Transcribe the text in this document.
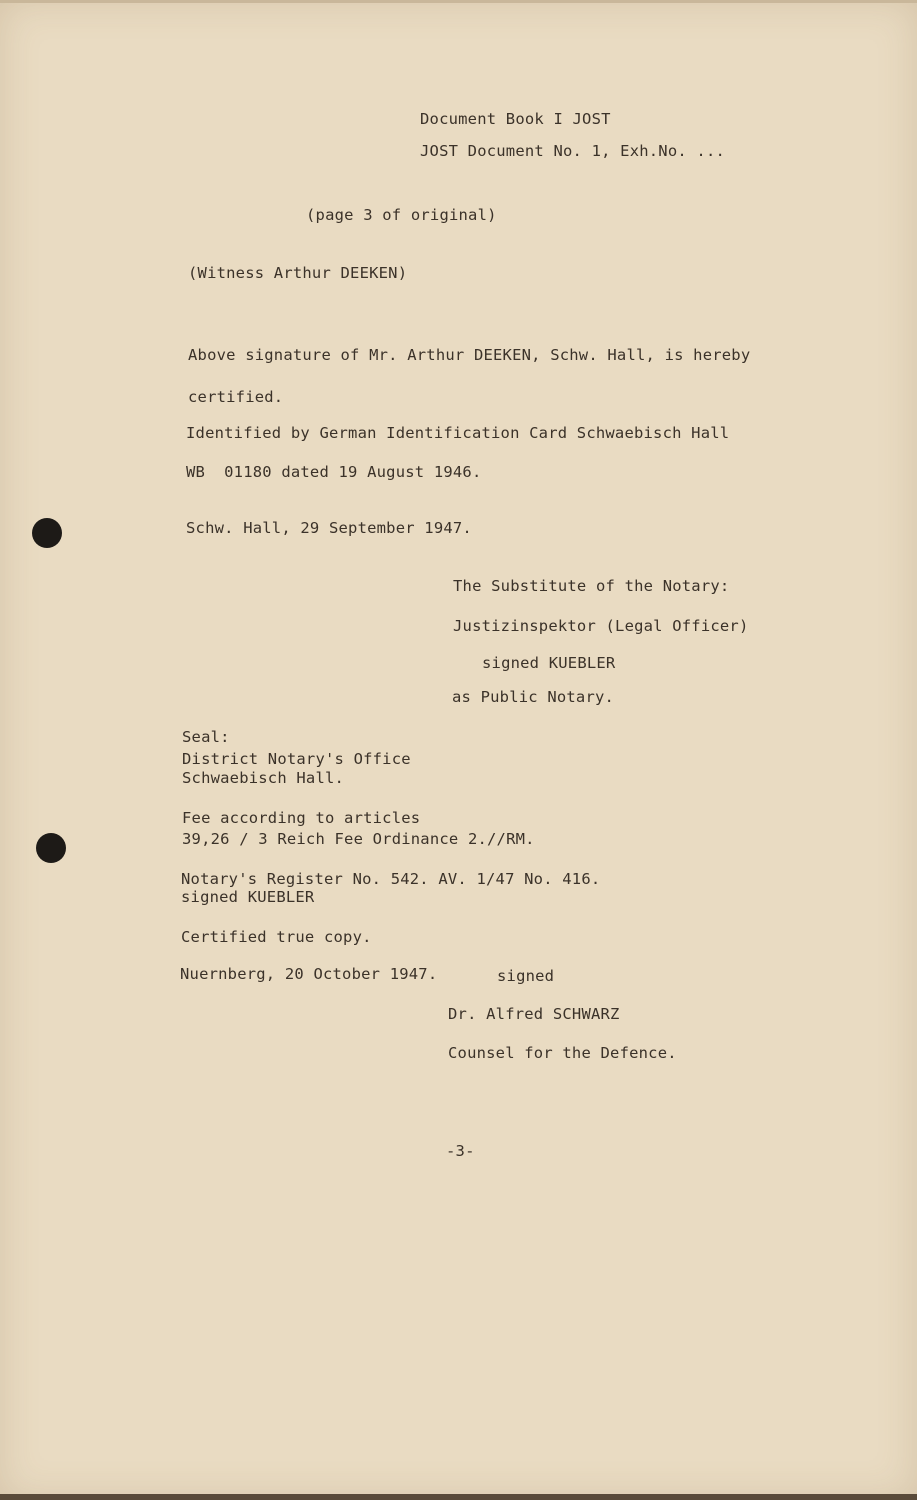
Document Book I JOST
JOST Document No. 1, Exh.No. ...
(page 3 of original)
(Witness Arthur DEEKEN)
Above signature of Mr. Arthur DEEKEN, Schw. Hall, is hereby
certified.
Identified by German Identification Card Schwaebisch Hall
WB  01180 dated 19 August 1946.
Schw. Hall, 29 September 1947.
The Substitute of the Notary:
Justizinspektor (Legal Officer)
signed KUEBLER
as Public Notary.
Seal:
District Notary's Office
Schwaebisch Hall.
Fee according to articles
39,26 / 3 Reich Fee Ordinance 2.//RM.
Notary's Register No. 542. AV. 1/47 No. 416.
signed KUEBLER
Certified true copy.
Nuernberg, 20 October 1947.	signed
Dr. Alfred SCHWARZ
Counsel for the Defence.
-3-
